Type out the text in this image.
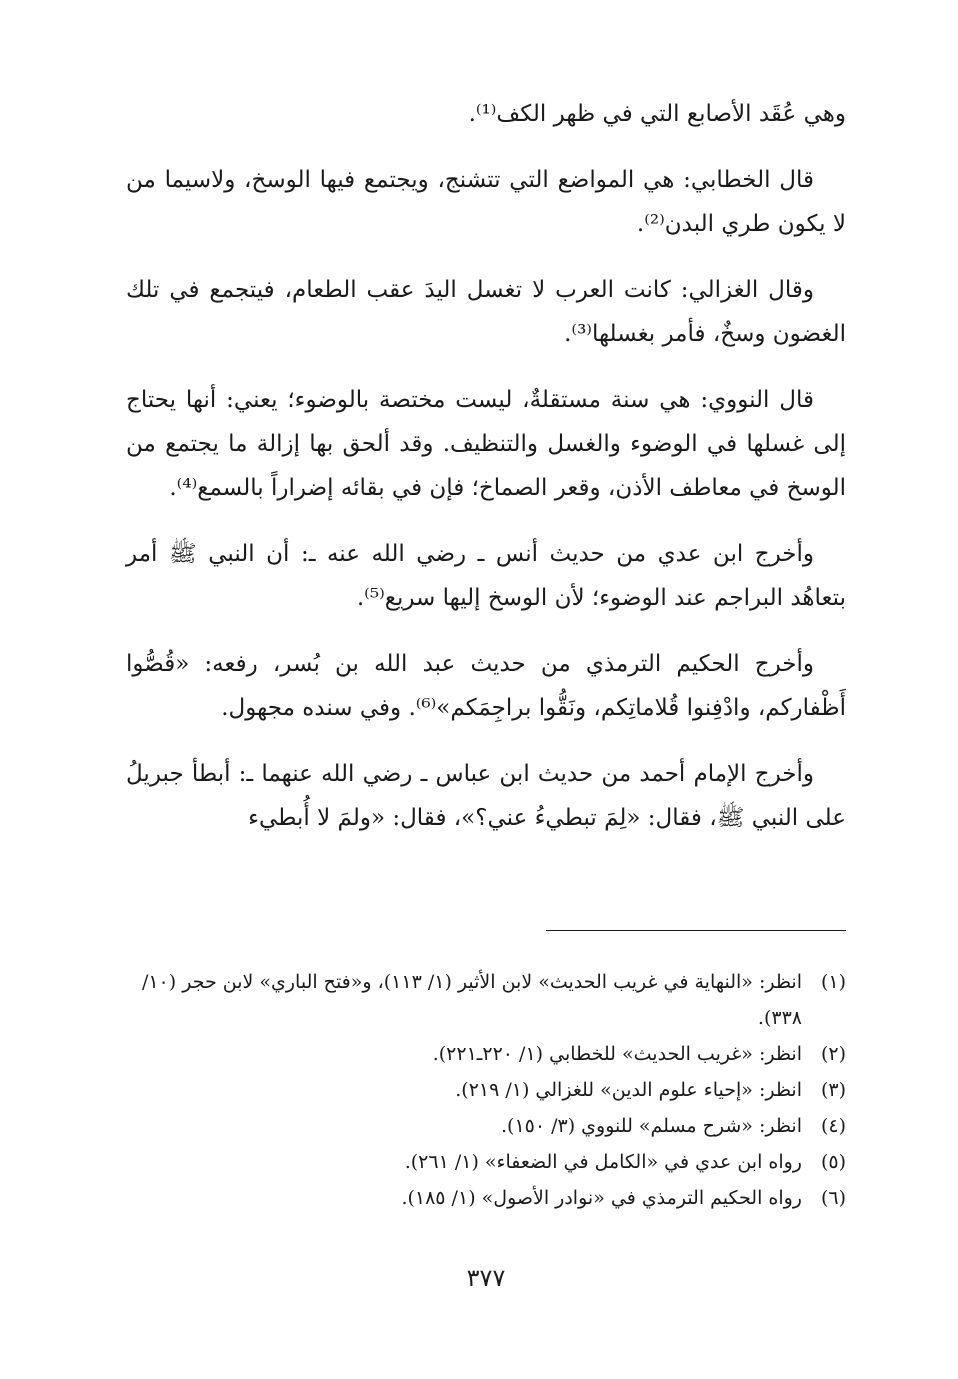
وهي عُقَد الأصابع التي في ظهر الكف⁽¹⁾.

قال الخطابي: هي المواضع التي تتشنج، ويجتمع فيها الوسخ، ولاسيما من لا يكون طري البدن⁽²⁾.

وقال الغزالي: كانت العرب لا تغسل اليدَ عقب الطعام، فيتجمع في تلك الغضون وسخٌ، فأمر بغسلها⁽³⁾.

قال النووي: هي سنة مستقلةٌ، ليست مختصة بالوضوء؛ يعني: أنها يحتاج إلى غسلها في الوضوء والغسل والتنظيف. وقد ألحق بها إزالة ما يجتمع من الوسخ في معاطف الأذن، وقعر الصماخ؛ فإن في بقائه إضراراً بالسمع⁽⁴⁾.

وأخرج ابن عدي من حديث أنس ـ رضي الله عنه ـ: أن النبي ﷺ أمر بتعاهُد البراجم عند الوضوء؛ لأن الوسخ إليها سريع⁽⁵⁾.

وأخرج الحكيم الترمذي من حديث عبد الله بن بُسر، رفعه: «قُصُّوا أَظْفاركم، وادْفِنوا قُلاماتِكم، ونَقُّوا براجِمَكم»⁽⁶⁾. وفي سنده مجهول.

وأخرج الإمام أحمد من حديث ابن عباس ـ رضي الله عنهما ـ: أبطأ جبريلُ على النبي ﷺ، فقال: «لِمَ تبطيءُ عني؟»، فقال: «ولمَ لا أُبطيء

(١)
انظر: «النهاية في غريب الحديث» لابن الأثير (١/ ١١٣)، و«فتح الباري» لابن حجر (١٠/ ٣٣٨).
(٢)
انظر: «غريب الحديث» للخطابي (١/ ٢٢٠ـ٢٢١).
(٣)
انظر: «إحياء علوم الدين» للغزالي (١/ ٢١٩).
(٤)
انظر: «شرح مسلم» للنووي (٣/ ١٥٠).
(٥)
رواه ابن عدي في «الكامل في الضعفاء» (١/ ٢٦١).
(٦)
رواه الحكيم الترمذي في «نوادر الأصول» (١/ ١٨٥).
٣٧٧
